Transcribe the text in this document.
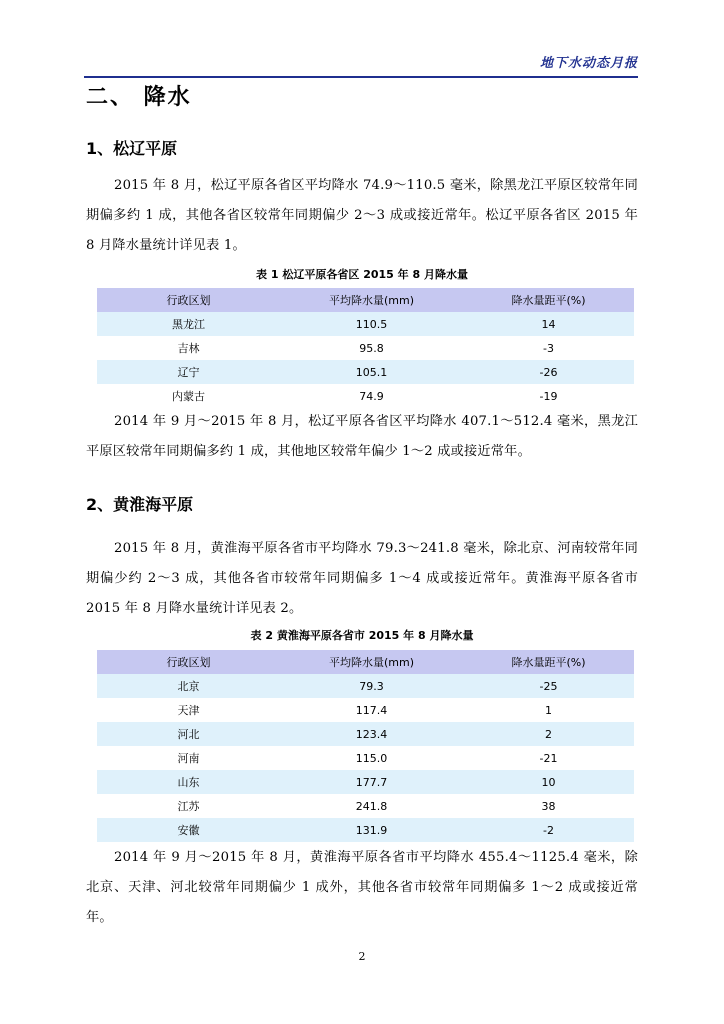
地下水动态月报
二、 降水
1、松辽平原

2015 年 8 月，松辽平原各省区平均降水 74.9～110.5 毫米，除黑龙江平原区较常年同期偏多约 1 成，其他各省区较常年同期偏少 2～3 成或接近常年。松辽平原各省区 2015 年 8 月降水量统计详见表 1。

表 1 松辽平原各省区 2015 年 8 月降水量
行政区划	平均降水量(mm)	降水量距平(%)
黑龙江	110.5	14
吉林	95.8	-3
辽宁	105.1	-26
内蒙古	74.9	-19

2014 年 9 月～2015 年 8 月，松辽平原各省区平均降水 407.1～512.4 毫米，黑龙江平原区较常年同期偏多约 1 成，其他地区较常年偏少 1～2 成或接近常年。

2、黄淮海平原

2015 年 8 月，黄淮海平原各省市平均降水 79.3～241.8 毫米，除北京、河南较常年同期偏少约 2～3 成，其他各省市较常年同期偏多 1～4 成或接近常年。黄淮海平原各省市 2015 年 8 月降水量统计详见表 2。

表 2 黄淮海平原各省市 2015 年 8 月降水量
行政区划	平均降水量(mm)	降水量距平(%)
北京	79.3	-25
天津	117.4	1
河北	123.4	2
河南	115.0	-21
山东	177.7	10
江苏	241.8	38
安徽	131.9	-2

2014 年 9 月～2015 年 8 月，黄淮海平原各省市平均降水 455.4～1125.4 毫米，除北京、天津、河北较常年同期偏少 1 成外，其他各省市较常年同期偏多 1～2 成或接近常年。

2
